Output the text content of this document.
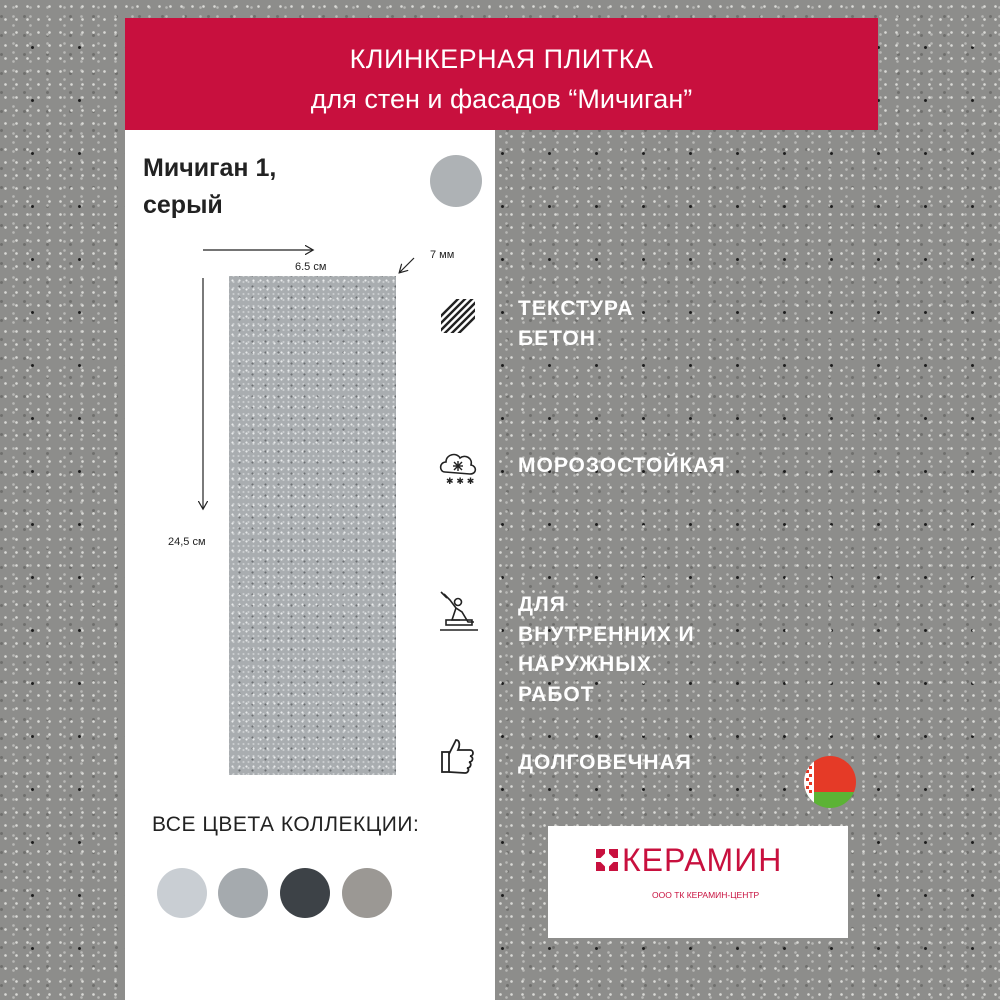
КЛИНКЕРНАЯ ПЛИТКА
для стен и фасадов “Мичиган”
Мичиган 1,
серый
6.5 см
7 мм
24,5 см
✱ ✱ ✱
ТЕКСТУРА
БЕТОН
МОРОЗОСТОЙКАЯ
ДЛЯ
ВНУТРЕННИХ И
НАРУЖНЫХ
РАБОТ
ДОЛГОВЕЧНАЯ
ВСЕ ЦВЕТА КОЛЛЕКЦИИ:
КЕРАМИН
ООО ТК КЕРАМИН-ЦЕНТР
